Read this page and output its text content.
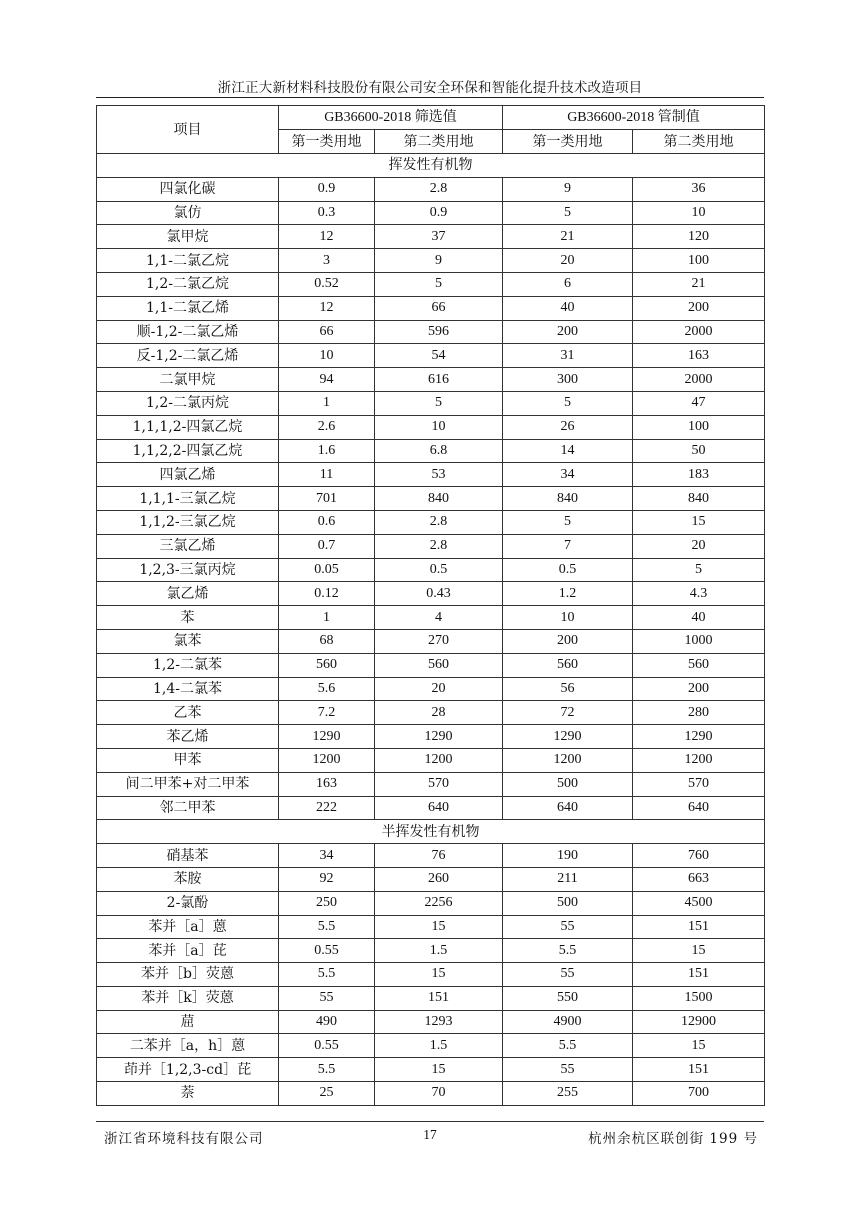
浙江正大新材料科技股份有限公司安全环保和智能化提升技术改造项目
项目	GB36600-2018 筛选值		GB36600-2018 管制值	
	第一类用地	第二类用地	第一类用地	第二类用地
挥发性有机物				
四氯化碳	0.9	2.8	9	36
氯仿	0.3	0.9	5	10
氯甲烷	12	37	21	120
1,1-二氯乙烷	3	9	20	100
1,2-二氯乙烷	0.52	5	6	21
1,1-二氯乙烯	12	66	40	200
顺-1,2-二氯乙烯	66	596	200	2000
反-1,2-二氯乙烯	10	54	31	163
二氯甲烷	94	616	300	2000
1,2-二氯丙烷	1	5	5	47
1,1,1,2-四氯乙烷	2.6	10	26	100
1,1,2,2-四氯乙烷	1.6	6.8	14	50
四氯乙烯	11	53	34	183
1,1,1-三氯乙烷	701	840	840	840
1,1,2-三氯乙烷	0.6	2.8	5	15
三氯乙烯	0.7	2.8	7	20
1,2,3-三氯丙烷	0.05	0.5	0.5	5
氯乙烯	0.12	0.43	1.2	4.3
苯	1	4	10	40
氯苯	68	270	200	1000
1,2-二氯苯	560	560	560	560
1,4-二氯苯	5.6	20	56	200
乙苯	7.2	28	72	280
苯乙烯	1290	1290	1290	1290
甲苯	1200	1200	1200	1200
间二甲苯+对二甲苯	163	570	500	570
邻二甲苯	222	640	640	640
半挥发性有机物				
硝基苯	34	76	190	760
苯胺	92	260	211	663
2-氯酚	250	2256	500	4500
苯并［a］蒽	5.5	15	55	151
苯并［a］芘	0.55	1.5	5.5	15
苯并［b］荧蒽	5.5	15	55	151
苯并［k］荧蒽	55	151	550	1500
䓛	490	1293	4900	12900
二苯并［a，h］蒽	0.55	1.5	5.5	15
茚并［1,2,3-cd］芘	5.5	15	55	151
萘	25	70	255	700
浙江省环境科技有限公司	17	杭州余杭区联创街 199 号
